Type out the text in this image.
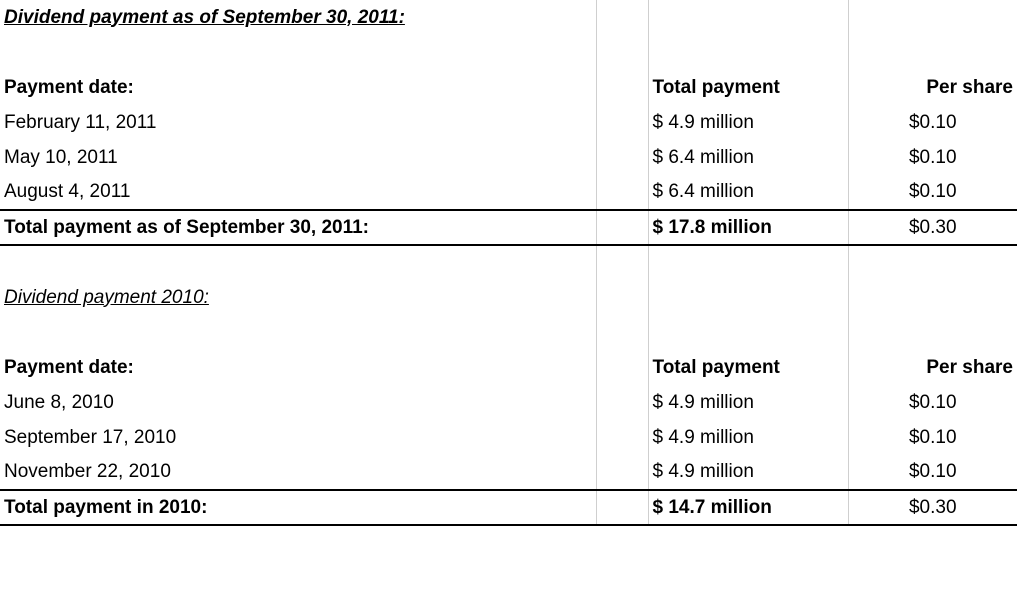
Dividend payment as of September 30, 2011:			

Payment date:		Total payment	Per share
February 11, 2011		$ 4.9 million	$0.10
May 10, 2011		$ 6.4 million	$0.10
August 4, 2011		$ 6.4 million	$0.10
Total payment as of September 30, 2011:		$ 17.8 million	$0.30

Dividend payment 2010:			

Payment date:		Total payment	Per share
June 8, 2010		$ 4.9 million	$0.10
September 17, 2010		$ 4.9 million	$0.10
November 22, 2010		$ 4.9 million	$0.10
Total payment in 2010:		$ 14.7 million	$0.30
